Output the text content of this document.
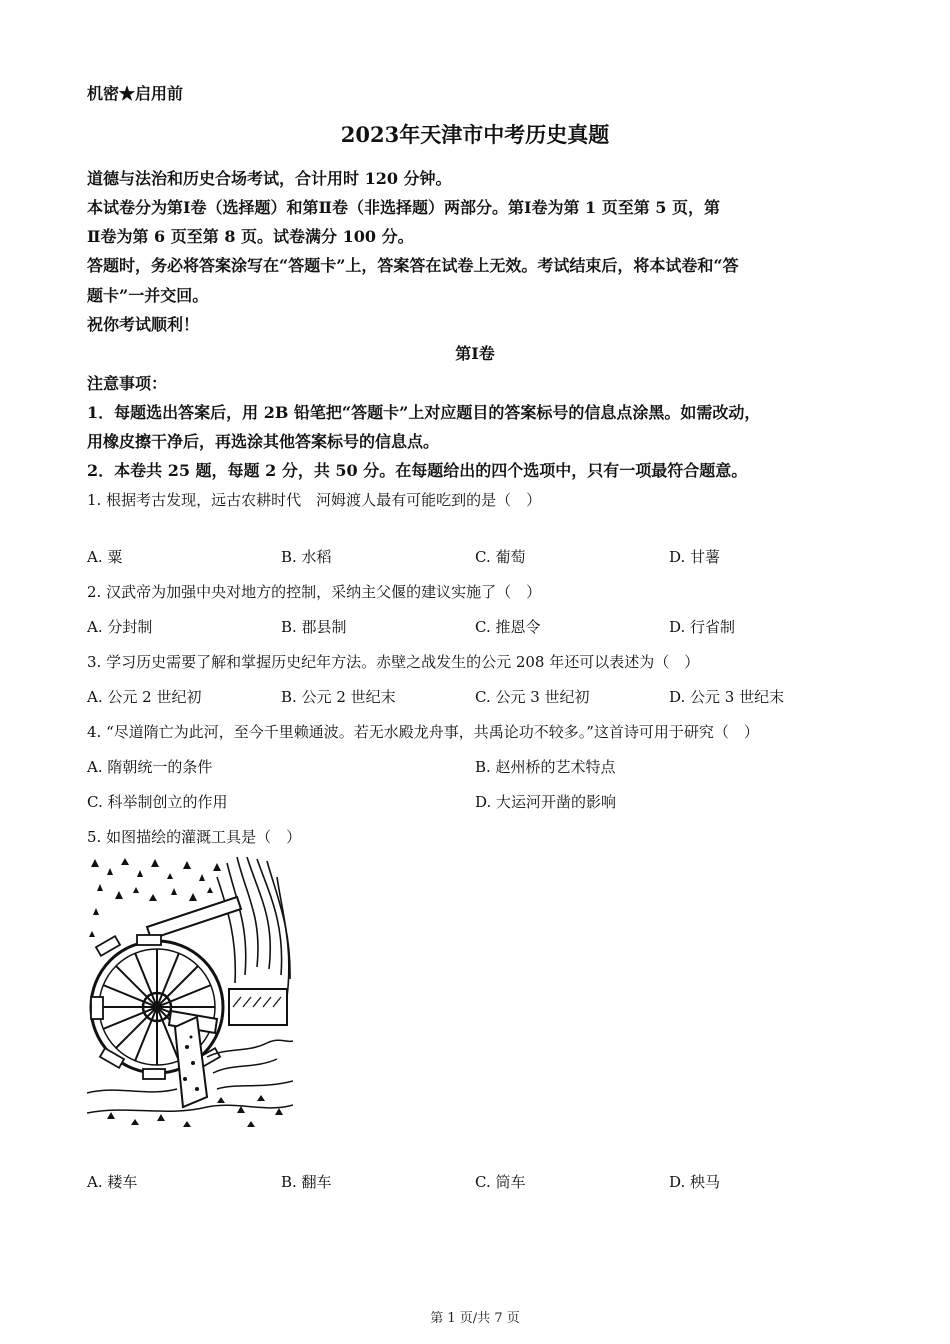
机密★启用前
2023年天津市中考历史真题
道德与法治和历史合场考试，合计用时 120 分钟。
本试卷分为第Ⅰ卷（选择题）和第Ⅱ卷（非选择题）两部分。第Ⅰ卷为第 1 页至第 5 页，第
Ⅱ卷为第 6 页至第 8 页。试卷满分 100 分。
答题时，务必将答案涂写在“答题卡”上，答案答在试卷上无效。考试结束后，将本试卷和“答
题卡”一并交回。
祝你考试顺利！
第Ⅰ卷
注意事项：
1．每题选出答案后，用 2B 铅笔把“答题卡”上对应题目的答案标号的信息点涂黑。如需改动，
用橡皮擦干净后，再选涂其他答案标号的信息点。
2．本卷共 25 题，每题 2 分，共 50 分。在每题给出的四个选项中，只有一项最符合题意。
1. 根据考古发现，远古农耕时代　河姆渡人最有可能吃到的是（　）
A. 粟	B. 水稻	C. 葡萄	D. 甘薯
2. 汉武帝为加强中央对地方的控制，采纳主父偃的建议实施了（　）
A. 分封制	B. 郡县制	C. 推恩令	D. 行省制
3. 学习历史需要了解和掌握历史纪年方法。赤壁之战发生的公元 208 年还可以表述为（　）
A. 公元 2 世纪初	B. 公元 2 世纪末	C. 公元 3 世纪初	D. 公元 3 世纪末
4. “尽道隋亡为此河，至今千里赖通波。若无水殿龙舟事，共禹论功不较多。”这首诗可用于研究（　）
A. 隋朝统一的条件	B. 赵州桥的艺术特点
C. 科举制创立的作用	D. 大运河开凿的影响
5. 如图描绘的灌溉工具是（　）
A. 耧车	B. 翻车	C. 筒车	D. 秧马
第 1 页/共 7 页
